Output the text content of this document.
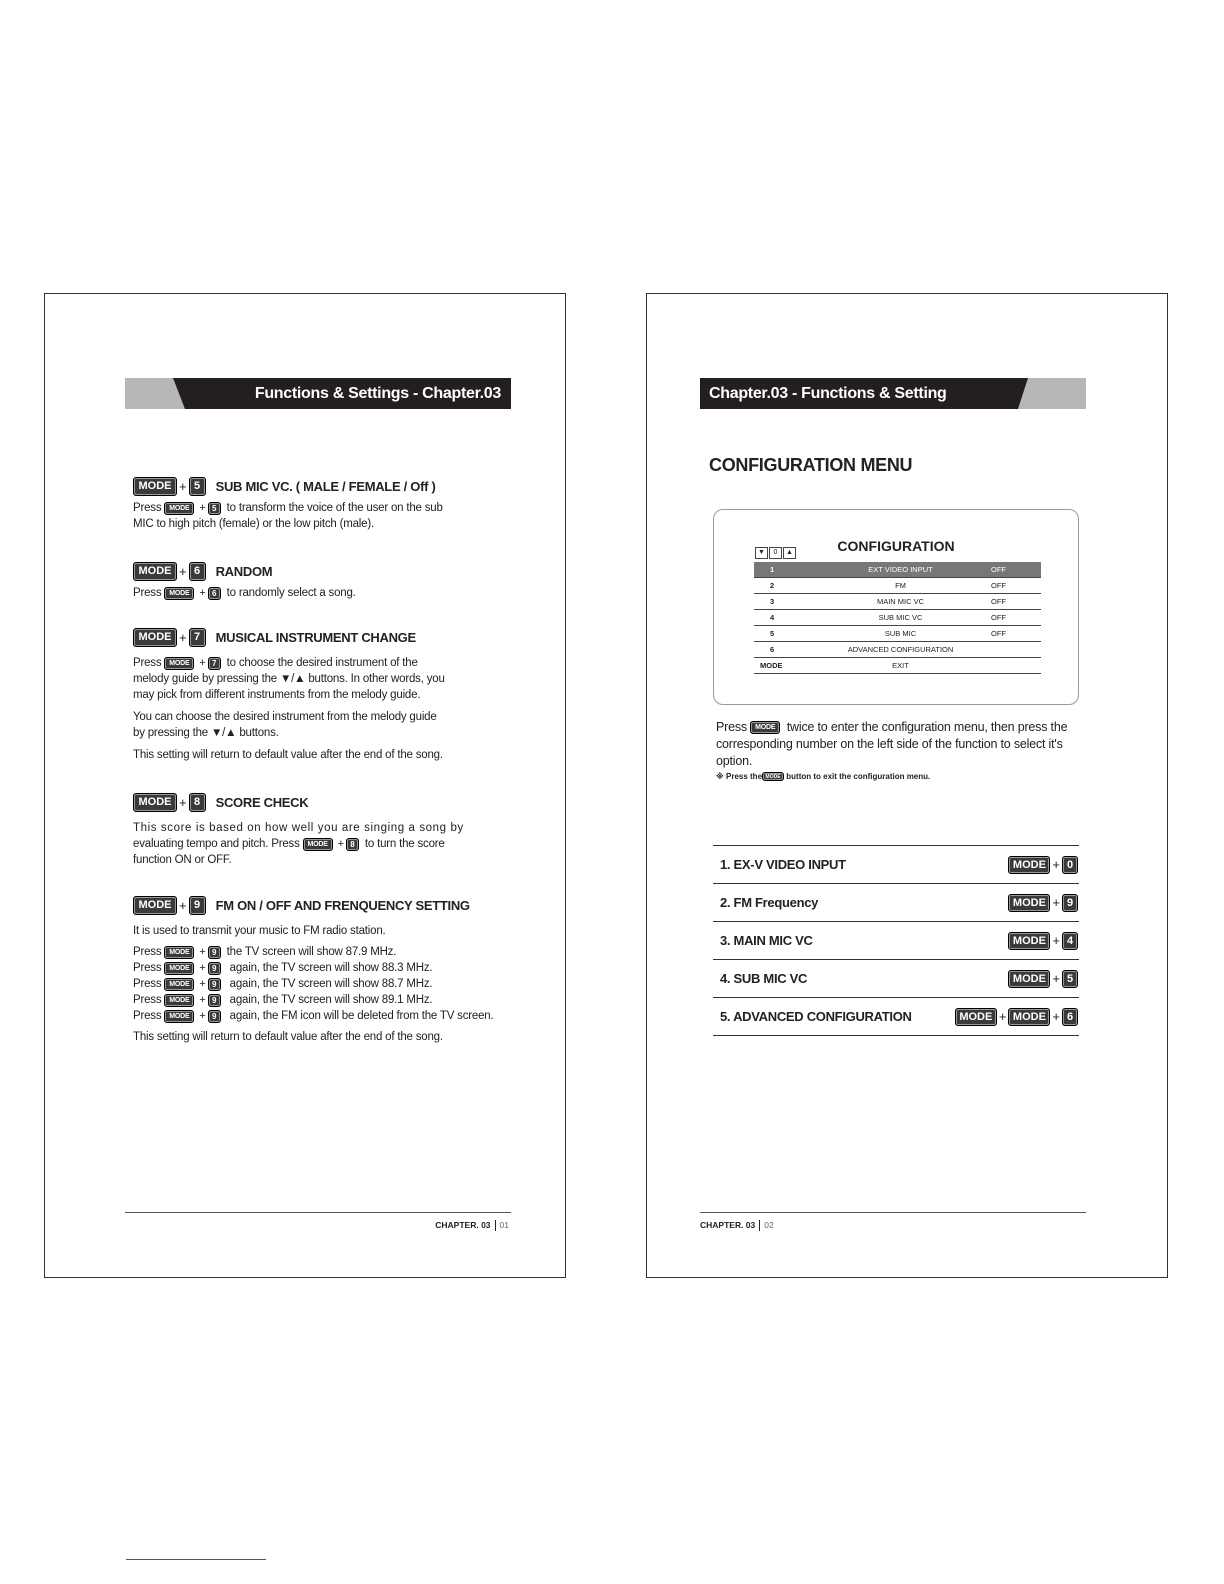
Functions & Settings - Chapter.03
MODE + 5	SUB MIC VC. ( MALE / FEMALE / Off )
Press MODE + 5 to transform the voice of the user on the sub
MIC to high pitch (female) or the low pitch (male).
MODE + 6	RANDOM
Press MODE + 6 to randomly select a song.
MODE + 7	MUSICAL INSTRUMENT CHANGE

Press MODE + 7 to choose the desired instrument of the
melody guide by pressing the ▼/▲ buttons. In other words, you
may pick from different instruments from the melody guide.

You can choose the desired instrument from the melody guide
by pressing the ▼/▲ buttons.

This setting will return to default value after the end of the song.

MODE + 8	SCORE CHECK
This score is based on how well you are singing a song by
evaluating tempo and pitch. Press MODE + 8 to turn the score
function ON or OFF.
MODE + 9	FM ON / OFF AND FRENQUENCY SETTING
It is used to transmit your music to FM radio station.
Press MODE + 9 the TV screen will show 87.9 MHz.
Press MODE + 9 again, the TV screen will show 88.3 MHz.
Press MODE + 9 again, the TV screen will show 88.7 MHz.
Press MODE + 9 again, the TV screen will show 89.1 MHz.
Press MODE + 9 again, the FM icon will be deleted from the TV screen.
This setting will return to default value after the end of the song.
CHAPTER. 03 01
Chapter.03 - Functions & Setting
CONFIGURATION MENU
▼	0	▲	CONFIGURATION
1	EXT VIDEO INPUT	OFF
2	FM	OFF
3	MAIN MIC VC	OFF
4	SUB MIC VC	OFF
5	SUB MIC	OFF
6	ADVANCED CONFIGURATION	
MODE	EXIT	
Press MODE twice to enter the configuration menu, then press the
corresponding number on the left side of the function to select it's
option.
※ Press the MODE button to exit the configuration menu.
1. EX-V VIDEO INPUT	MODE + 0
2. FM Frequency	MODE + 9
3. MAIN MIC VC	MODE + 4
4. SUB MIC VC	MODE + 5
5. ADVANCED CONFIGURATION	MODE + MODE + 6
CHAPTER. 03 02
